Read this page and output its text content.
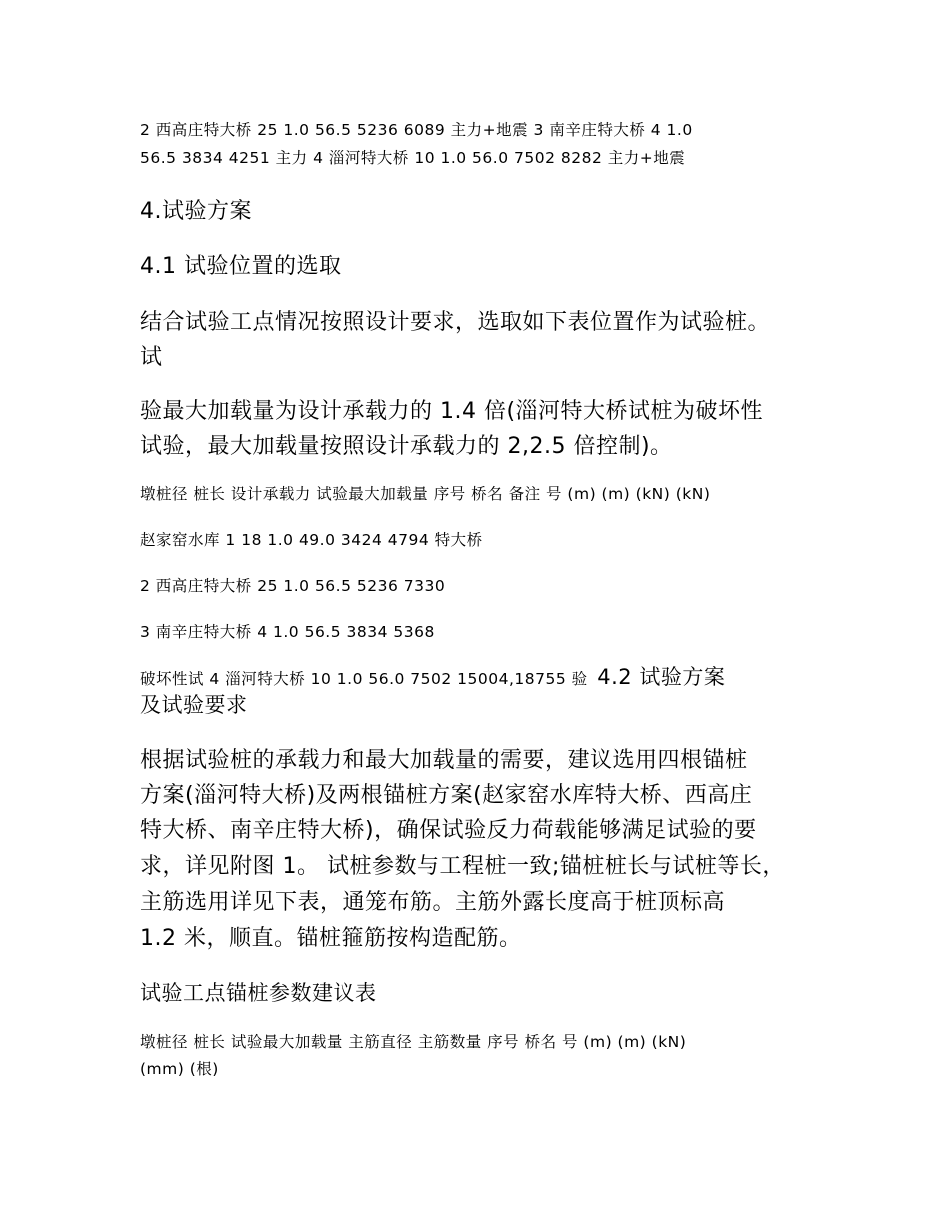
2 西高庄特大桥 25 1.0 56.5 5236 6089 主力+地震 3 南辛庄特大桥 4 1.0
56.5 3834 4251 主力 4 淄河特大桥 10 1.0 56.0 7502 8282 主力+地震
4.试验方案
4.1 试验位置的选取
结合试验工点情况按照设计要求，选取如下表位置作为试验桩。
试
验最大加载量为设计承载力的 1.4 倍(淄河特大桥试桩为破坏性
试验，最大加载量按照设计承载力的 2,2.5 倍控制)。
墩桩径 桩长 设计承载力 试验最大加载量 序号 桥名 备注 号 (m) (m) (kN) (kN)
赵家窑水库 1 18 1.0 49.0 3424 4794 特大桥
2 西高庄特大桥 25 1.0 56.5 5236 7330
3 南辛庄特大桥 4 1.0 56.5 3834 5368
破坏性试 4 淄河特大桥 10 1.0 56.0 7502 15004,18755 验 4.2 试验方案
及试验要求
根据试验桩的承载力和最大加载量的需要，建议选用四根锚桩
方案(淄河特大桥)及两根锚桩方案(赵家窑水库特大桥、西高庄
特大桥、南辛庄特大桥)，确保试验反力荷载能够满足试验的要
求，详见附图 1。 试桩参数与工程桩一致;锚桩桩长与试桩等长，
主筋选用详见下表，通笼布筋。主筋外露长度高于桩顶标高
1.2 米，顺直。锚桩箍筋按构造配筋。
试验工点锚桩参数建议表
墩桩径 桩长 试验最大加载量 主筋直径 主筋数量 序号 桥名 号 (m) (m) (kN)
(mm) (根)
